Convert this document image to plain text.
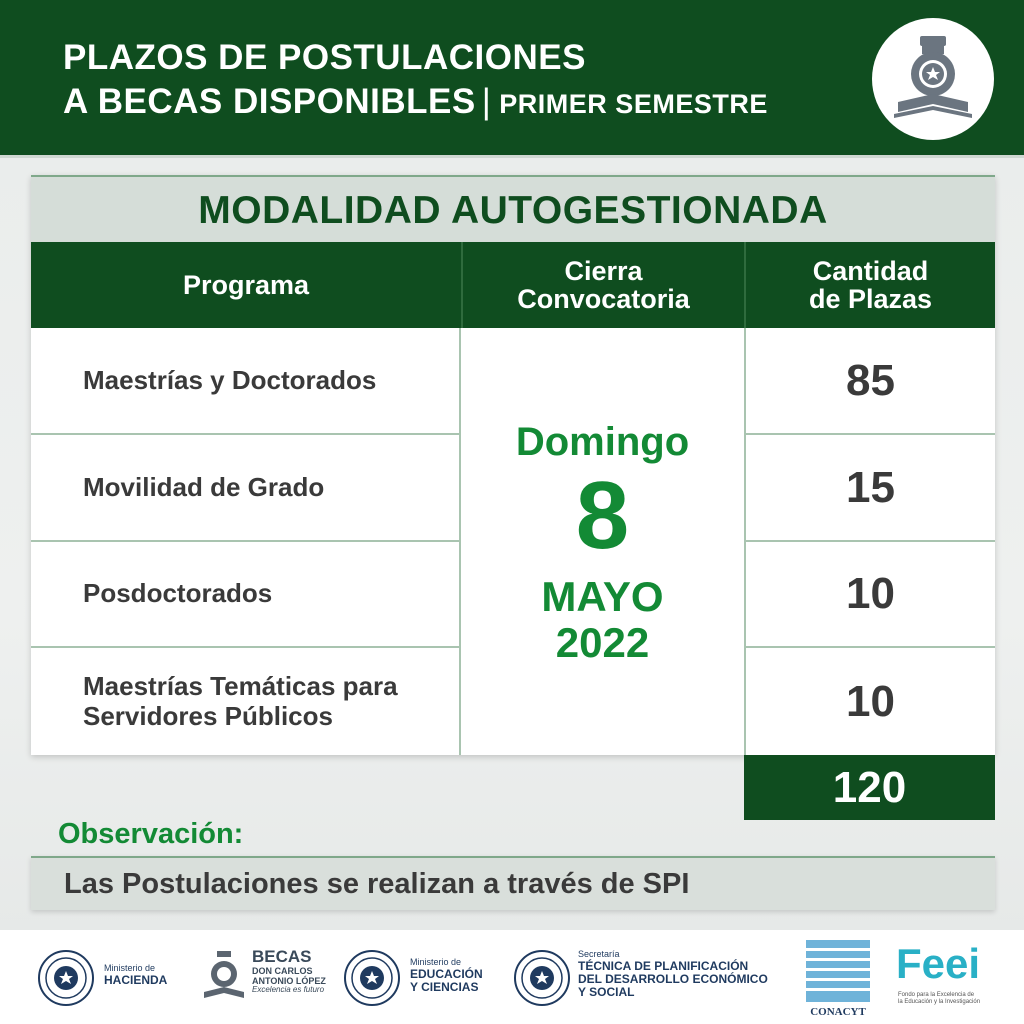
PLAZOS DE POSTULACIONES
A BECAS DISPONIBLES | PRIMER SEMESTRE
MODALIDAD AUTOGESTIONADA
Programa	Cierra
Convocatoria
Cantidad
de Plazas
Maestrías y Doctorados
Movilidad de Grado
Posdoctorados
Maestrías Temáticas para
Servidores Públicos
Domingo
8
MAYO
2022
85
15
10
10
120
Observación:
Las Postulaciones se realizan a través de SPI
Ministerio de
HACIENDA
BECAS
DON CARLOS
ANTONIO LÓPEZ
Excelencia es futuro
Ministerio de
EDUCACIÓN
Y CIENCIAS
Secretaría
TÉCNICA DE PLANIFICACIÓN
DEL DESARROLLO ECONÓMICO
Y SOCIAL
CONACYT
Feei
Fondo para la Excelencia de
la Educación y la Investigación
